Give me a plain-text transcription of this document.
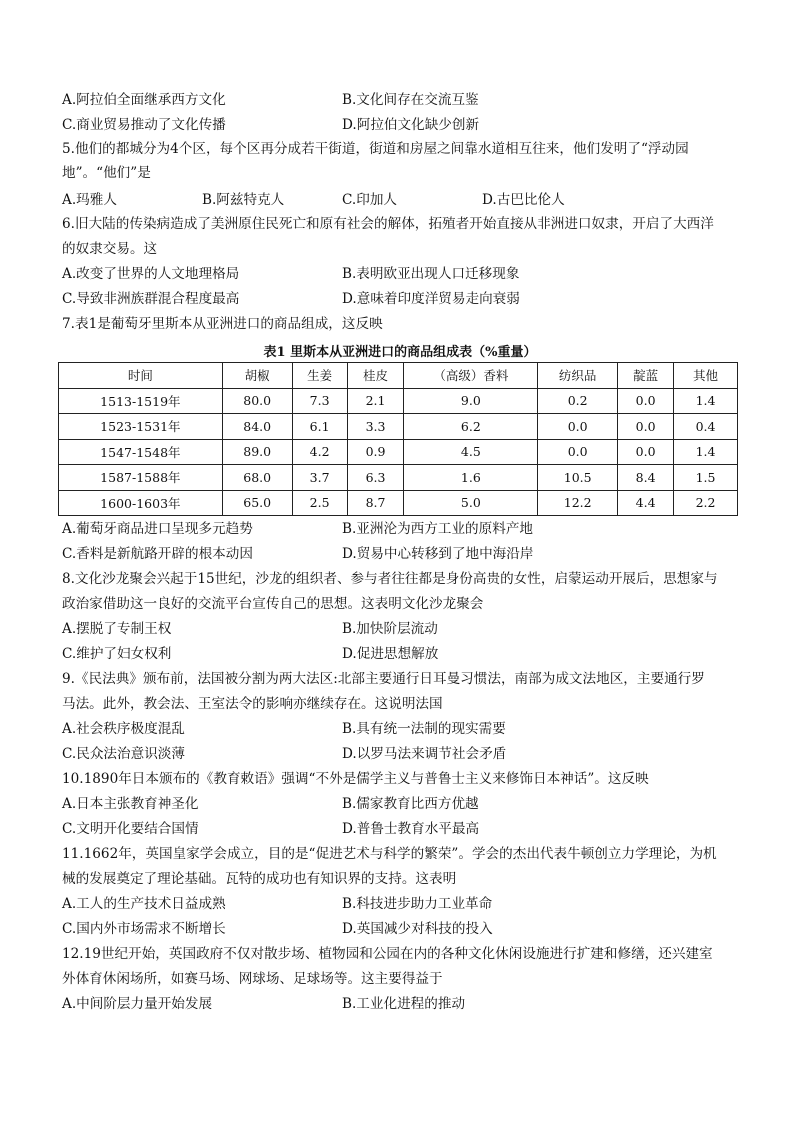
A.阿拉伯全面继承西方文化	B.文化间存在交流互鉴
C.商业贸易推动了文化传播	D.阿拉伯文化缺少创新
5.他们的都城分为4个区，每个区再分成若干街道，街道和房屋之间靠水道相互往来，他们发明了“浮动园
地”。“他们”是
A.玛雅人	B.阿兹特克人	C.印加人	D.古巴比伦人
6.旧大陆的传染病造成了美洲原住民死亡和原有社会的解体，拓殖者开始直接从非洲进口奴隶，开启了大西洋
的奴隶交易。这
A.改变了世界的人文地理格局	B.表明欧亚出现人口迁移现象
C.导致非洲族群混合程度最高	D.意味着印度洋贸易走向衰弱
7.表1是葡萄牙里斯本从亚洲进口的商品组成，这反映
表1 里斯本从亚洲进口的商品组成表（%重量）
时间	胡椒	生姜	桂皮	（高级）香料	纺织品	靛蓝	其他
1513-1519年	80.0	7.3	2.1	9.0	0.2	0.0	1.4
1523-1531年	84.0	6.1	3.3	6.2	0.0	0.0	0.4
1547-1548年	89.0	4.2	0.9	4.5	0.0	0.0	1.4
1587-1588年	68.0	3.7	6.3	1.6	10.5	8.4	1.5
1600-1603年	65.0	2.5	8.7	5.0	12.2	4.4	2.2
A.葡萄牙商品进口呈现多元趋势	B.亚洲沦为西方工业的原料产地
C.香料是新航路开辟的根本动因	D.贸易中心转移到了地中海沿岸
8.文化沙龙聚会兴起于15世纪，沙龙的组织者、参与者往往都是身份高贵的女性，启蒙运动开展后，思想家与
政治家借助这一良好的交流平台宣传自己的思想。这表明文化沙龙聚会
A.摆脱了专制王权	B.加快阶层流动
C.维护了妇女权利	D.促进思想解放
9.《民法典》颁布前，法国被分割为两大法区:北部主要通行日耳曼习惯法，南部为成文法地区，主要通行罗
马法。此外，教会法、王室法令的影响亦继续存在。这说明法国
A.社会秩序极度混乱	B.具有统一法制的现实需要
C.民众法治意识淡薄	D.以罗马法来调节社会矛盾
10.1890年日本颁布的《教育敕语》强调“不外是儒学主义与普鲁士主义来修饰日本神话”。这反映
A.日本主张教育神圣化	B.儒家教育比西方优越
C.文明开化要结合国情	D.普鲁士教育水平最高
11.1662年，英国皇家学会成立，目的是“促进艺术与科学的繁荣”。学会的杰出代表牛顿创立力学理论，为机
械的发展奠定了理论基础。瓦特的成功也有知识界的支持。这表明
A.工人的生产技术日益成熟	B.科技进步助力工业革命
C.国内外市场需求不断增长	D.英国减少对科技的投入
12.19世纪开始，英国政府不仅对散步场、植物园和公园在内的各种文化休闲设施进行扩建和修缮，还兴建室
外体育休闲场所，如赛马场、网球场、足球场等。这主要得益于
A.中间阶层力量开始发展	B.工业化进程的推动
